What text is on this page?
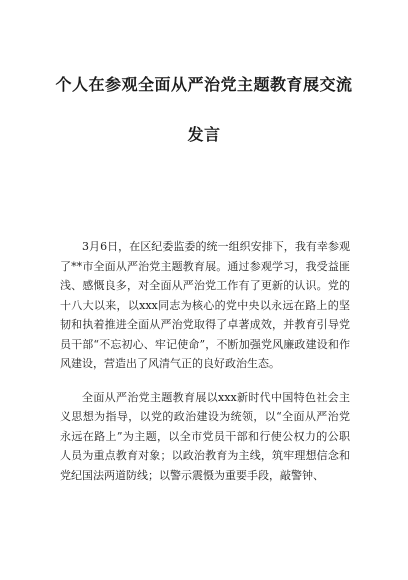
个人在参观全面从严治党主题教育展交流
发言

3月6日，在区纪委监委的统一组织安排下，我有幸参观了**市全面从严治党主题教育展。通过参观学习，我受益匪浅、感慨良多，对全面从严治党工作有了更新的认识。党的十八大以来，以xxx同志为核心的党中央以永远在路上的坚韧和执着推进全面从严治党取得了卓著成效，并教育引导党员干部“不忘初心、牢记使命”，不断加强党风廉政建设和作风建设，营造出了风清气正的良好政治生态。

全面从严治党主题教育展以xxx新时代中国特色社会主义思想为指导，以党的政治建设为统领，以“全面从严治党永远在路上”为主题，以全市党员干部和行使公权力的公职人员为重点教育对象；以政治教育为主线，筑牢理想信念和党纪国法两道防线；以警示震慑为重要手段，敲警钟、
